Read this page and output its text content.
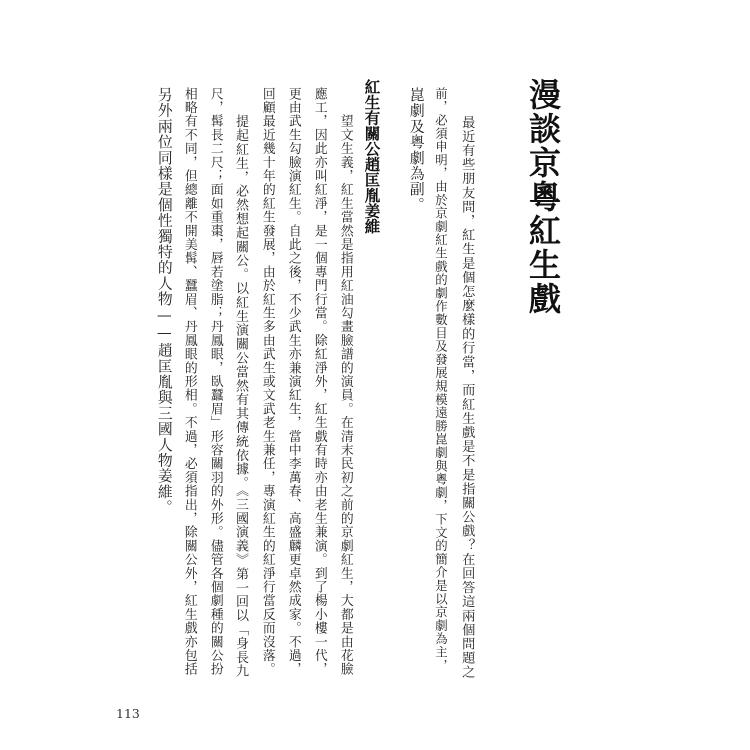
漫談京粵紅生戲
　　最近有些朋友問，紅生是個怎麼樣的行當，而紅生戲是不是指關公戲？在回答這兩個問題之
前，必須申明，由於京劇紅生戲的劇作數目及發展規模遠勝崑劇與粵劇，下文的簡介是以京劇為主，
崑劇及粵劇為副。
紅生有關公趙匡胤姜維
　　望文生義，紅生當然是指用紅油勾畫臉譜的演員。在清末民初之前的京劇紅生，大都是由花臉
應工，因此亦叫紅淨，是一個專門行當。除紅淨外，紅生戲有時亦由老生兼演。到了楊小樓一代，
更由武生勾臉演紅生。自此之後，不少武生亦兼演紅生，當中李萬春、高盛麟更卓然成家。不過，
回顧最近幾十年的紅生發展，由於紅生多由武生或文武老生兼任，專演紅生的紅淨行當反而沒落。
　　提起紅生，必然想起關公。以紅生演關公當然有其傳統依據。《三國演義》第一回以「身長九
尺，髯長二尺；面如重棗，唇若塗脂；丹鳳眼，臥蠶眉」形容關羽的外形。儘管各個劇種的關公扮
相略有不同，但總離不開美髯、蠶眉、丹鳳眼的形相。不過，必須指出，除關公外，紅生戲亦包括
另外兩位同樣是個性獨特的人物——趙匡胤與三國人物姜維。
113
